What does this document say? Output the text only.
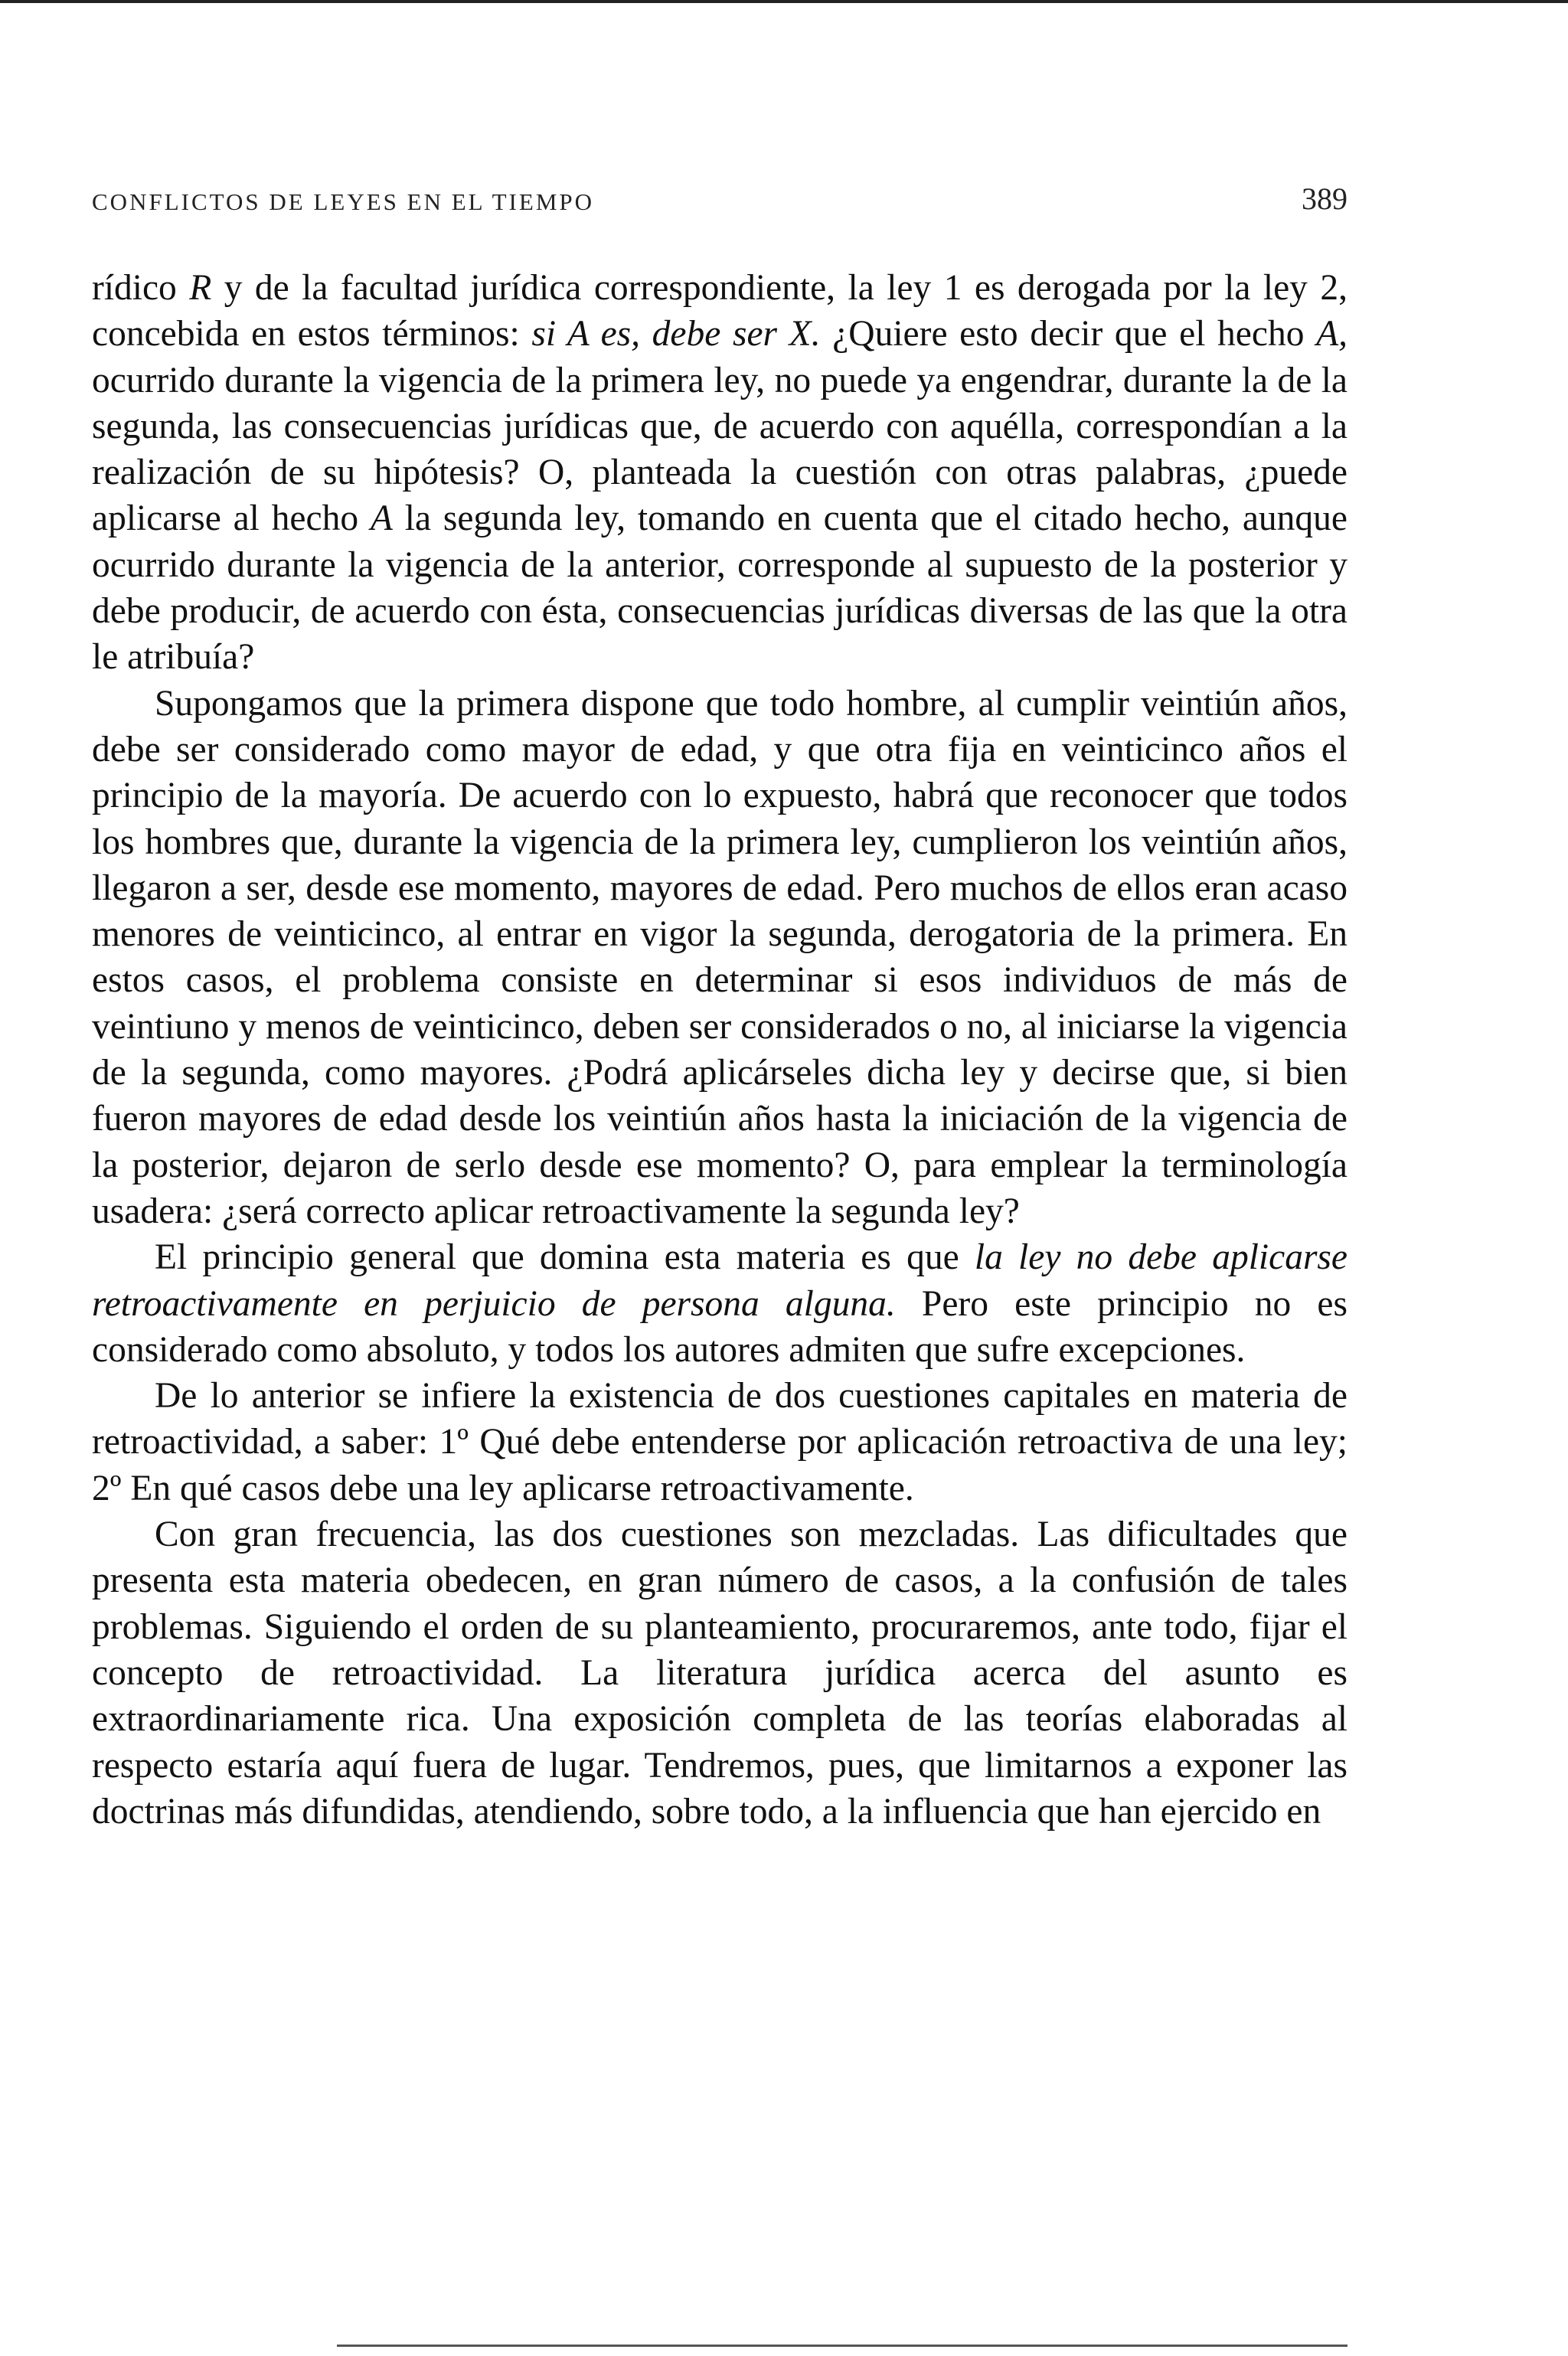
CONFLICTOS DE LEYES EN EL TIEMPO	389

rídico R y de la facultad jurídica correspondiente, la ley 1 es derogada por la ley 2, concebida en estos términos: si A es, debe ser X. ¿Quiere esto decir que el hecho A, ocurrido durante la vigencia de la primera ley, no puede ya engendrar, durante la de la segunda, las consecuencias jurídicas que, de acuerdo con aquélla, correspondían a la realización de su hipótesis? O, planteada la cuestión con otras palabras, ¿puede aplicarse al hecho A la segunda ley, tomando en cuenta que el citado hecho, aunque ocurrido durante la vigencia de la anterior, corresponde al supuesto de la posterior y debe producir, de acuerdo con ésta, consecuencias jurídicas diversas de las que la otra le atribuía?

Supongamos que la primera dispone que todo hombre, al cumplir veintiún años, debe ser considerado como mayor de edad, y que otra fija en veinticinco años el principio de la mayoría. De acuerdo con lo expuesto, habrá que reconocer que todos los hombres que, durante la vigencia de la primera ley, cumplieron los veintiún años, llegaron a ser, desde ese momento, mayores de edad. Pero muchos de ellos eran acaso menores de veinticinco, al entrar en vigor la segunda, derogatoria de la primera. En estos casos, el problema consiste en determinar si esos individuos de más de veintiuno y menos de veinticinco, deben ser considerados o no, al iniciarse la vigencia de la segunda, como mayores. ¿Podrá aplicárseles dicha ley y decirse que, si bien fueron mayores de edad desde los veintiún años hasta la iniciación de la vigencia de la posterior, dejaron de serlo desde ese momento? O, para emplear la terminología usadera: ¿será correcto aplicar retroactivamente la segunda ley?

El principio general que domina esta materia es que la ley no debe aplicarse retroactivamente en perjuicio de persona alguna. Pero este principio no es considerado como absoluto, y todos los autores admiten que sufre excepciones.

De lo anterior se infiere la existencia de dos cuestiones capitales en materia de retroactividad, a saber: 1º Qué debe entenderse por aplicación retroactiva de una ley; 2º En qué casos debe una ley aplicarse retroactivamente.

Con gran frecuencia, las dos cuestiones son mezcladas. Las dificultades que presenta esta materia obedecen, en gran número de casos, a la confusión de tales problemas. Siguiendo el orden de su planteamiento, procuraremos, ante todo, fijar el concepto de retroactividad. La literatura jurídica acerca del asunto es extraordinariamente rica. Una exposición completa de las teorías elaboradas al respecto estaría aquí fuera de lugar. Tendremos, pues, que limitarnos a exponer las doctrinas más difundidas, atendiendo, sobre todo, a la influencia que han ejercido en
